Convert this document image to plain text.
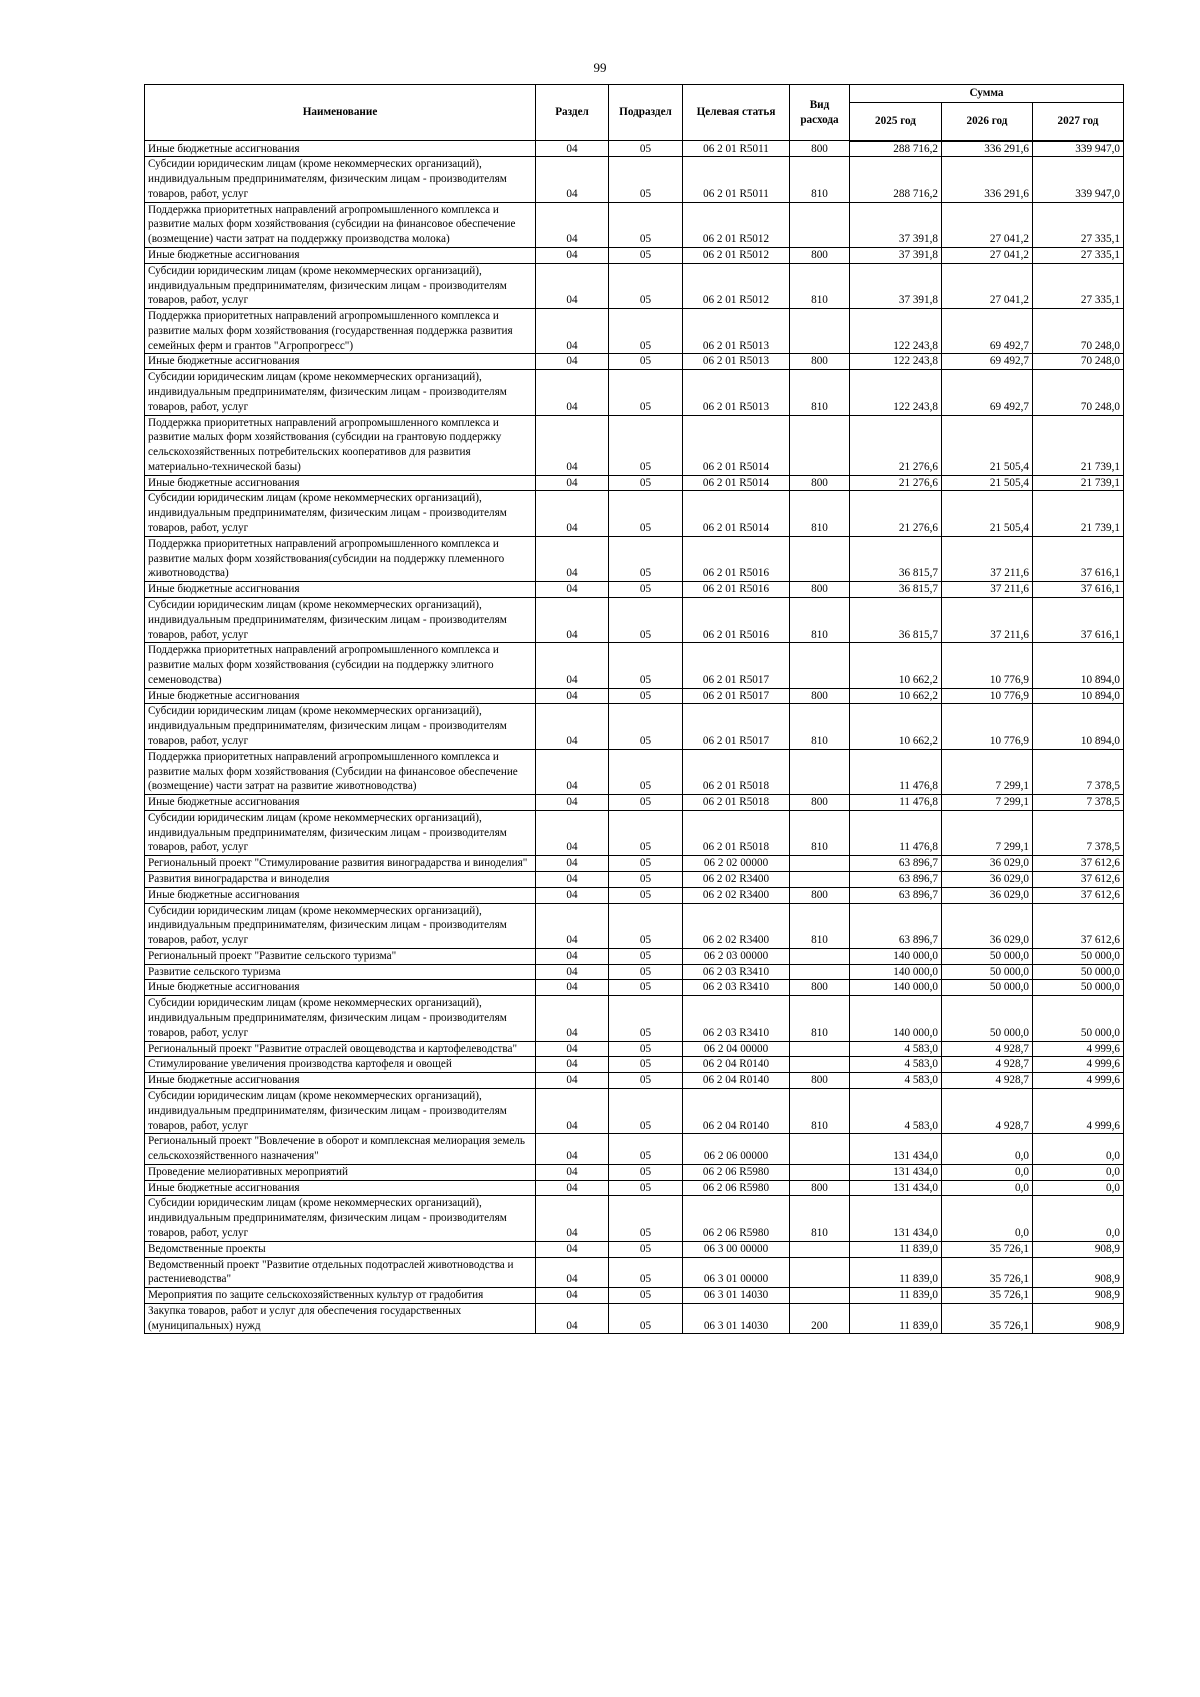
99
Наименование	Раздел	Подраздел	Целевая статья	Вид расхода	Сумма		
					2025 год	2026 год	2027 год
Иные бюджетные ассигнования	04	05	06 2 01 R5011	800	288 716,2	336 291,6	339 947,0
Субсидии юридическим лицам (кроме некоммерческих организаций), индивидуальным предпринимателям, физическим лицам - производителям товаров, работ, услуг	04	05	06 2 01 R5011	810	288 716,2	336 291,6	339 947,0
Поддержка приоритетных направлений агропромышленного комплекса и развитие малых форм хозяйствования (субсидии на финансовое обеспечение (возмещение) части затрат на поддержку производства молока)	04	05	06 2 01 R5012		37 391,8	27 041,2	27 335,1
Иные бюджетные ассигнования	04	05	06 2 01 R5012	800	37 391,8	27 041,2	27 335,1
Субсидии юридическим лицам (кроме некоммерческих организаций), индивидуальным предпринимателям, физическим лицам - производителям товаров, работ, услуг	04	05	06 2 01 R5012	810	37 391,8	27 041,2	27 335,1
Поддержка приоритетных направлений агропромышленного комплекса и развитие малых форм хозяйствования (государственная поддержка развития семейных ферм и грантов "Агропрогресс")	04	05	06 2 01 R5013		122 243,8	69 492,7	70 248,0
Иные бюджетные ассигнования	04	05	06 2 01 R5013	800	122 243,8	69 492,7	70 248,0
Субсидии юридическим лицам (кроме некоммерческих организаций), индивидуальным предпринимателям, физическим лицам - производителям товаров, работ, услуг	04	05	06 2 01 R5013	810	122 243,8	69 492,7	70 248,0
Поддержка приоритетных направлений агропромышленного комплекса и развитие малых форм хозяйствования (субсидии на грантовую поддержку сельскохозяйственных потребительских кооперативов для развития материально-технической базы)	04	05	06 2 01 R5014		21 276,6	21 505,4	21 739,1
Иные бюджетные ассигнования	04	05	06 2 01 R5014	800	21 276,6	21 505,4	21 739,1
Субсидии юридическим лицам (кроме некоммерческих организаций), индивидуальным предпринимателям, физическим лицам - производителям товаров, работ, услуг	04	05	06 2 01 R5014	810	21 276,6	21 505,4	21 739,1
Поддержка приоритетных направлений агропромышленного комплекса и развитие малых форм хозяйствования(субсидии на поддержку племенного животноводства)	04	05	06 2 01 R5016		36 815,7	37 211,6	37 616,1
Иные бюджетные ассигнования	04	05	06 2 01 R5016	800	36 815,7	37 211,6	37 616,1
Субсидии юридическим лицам (кроме некоммерческих организаций), индивидуальным предпринимателям, физическим лицам - производителям товаров, работ, услуг	04	05	06 2 01 R5016	810	36 815,7	37 211,6	37 616,1
Поддержка приоритетных направлений агропромышленного комплекса и развитие малых форм хозяйствования (субсидии на поддержку элитного семеноводства)	04	05	06 2 01 R5017		10 662,2	10 776,9	10 894,0
Иные бюджетные ассигнования	04	05	06 2 01 R5017	800	10 662,2	10 776,9	10 894,0
Субсидии юридическим лицам (кроме некоммерческих организаций), индивидуальным предпринимателям, физическим лицам - производителям товаров, работ, услуг	04	05	06 2 01 R5017	810	10 662,2	10 776,9	10 894,0
Поддержка приоритетных направлений агропромышленного комплекса и развитие малых форм хозяйствования (Субсидии на финансовое обеспечение (возмещение) части затрат на развитие животноводства)	04	05	06 2 01 R5018		11 476,8	7 299,1	7 378,5
Иные бюджетные ассигнования	04	05	06 2 01 R5018	800	11 476,8	7 299,1	7 378,5
Субсидии юридическим лицам (кроме некоммерческих организаций), индивидуальным предпринимателям, физическим лицам - производителям товаров, работ, услуг	04	05	06 2 01 R5018	810	11 476,8	7 299,1	7 378,5
Региональный проект "Стимулирование развития виноградарства и виноделия"	04	05	06 2 02 00000		63 896,7	36 029,0	37 612,6
Развития виноградарства и виноделия	04	05	06 2 02 R3400		63 896,7	36 029,0	37 612,6
Иные бюджетные ассигнования	04	05	06 2 02 R3400	800	63 896,7	36 029,0	37 612,6
Субсидии юридическим лицам (кроме некоммерческих организаций), индивидуальным предпринимателям, физическим лицам - производителям товаров, работ, услуг	04	05	06 2 02 R3400	810	63 896,7	36 029,0	37 612,6
Региональный проект "Развитие сельского туризма"	04	05	06 2 03 00000		140 000,0	50 000,0	50 000,0
Развитие сельского туризма	04	05	06 2 03 R3410		140 000,0	50 000,0	50 000,0
Иные бюджетные ассигнования	04	05	06 2 03 R3410	800	140 000,0	50 000,0	50 000,0
Субсидии юридическим лицам (кроме некоммерческих организаций), индивидуальным предпринимателям, физическим лицам - производителям товаров, работ, услуг	04	05	06 2 03 R3410	810	140 000,0	50 000,0	50 000,0
Региональный проект "Развитие отраслей овощеводства и картофелеводства"	04	05	06 2 04 00000		4 583,0	4 928,7	4 999,6
Стимулирование увеличения производства картофеля и овощей	04	05	06 2 04 R0140		4 583,0	4 928,7	4 999,6
Иные бюджетные ассигнования	04	05	06 2 04 R0140	800	4 583,0	4 928,7	4 999,6
Субсидии юридическим лицам (кроме некоммерческих организаций), индивидуальным предпринимателям, физическим лицам - производителям товаров, работ, услуг	04	05	06 2 04 R0140	810	4 583,0	4 928,7	4 999,6
Региональный проект "Вовлечение в оборот и комплексная мелиорация земель сельскохозяйственного назначения"	04	05	06 2 06 00000		131 434,0	0,0	0,0
Проведение мелиоративных мероприятий	04	05	06 2 06 R5980		131 434,0	0,0	0,0
Иные бюджетные ассигнования	04	05	06 2 06 R5980	800	131 434,0	0,0	0,0
Субсидии юридическим лицам (кроме некоммерческих организаций), индивидуальным предпринимателям, физическим лицам - производителям товаров, работ, услуг	04	05	06 2 06 R5980	810	131 434,0	0,0	0,0
Ведомственные проекты	04	05	06 3 00 00000		11 839,0	35 726,1	908,9
Ведомственный проект "Развитие отдельных подотраслей животноводства и растениеводства"	04	05	06 3 01 00000		11 839,0	35 726,1	908,9
Мероприятия по защите сельскохозяйственных культур от градобития	04	05	06 3 01 14030		11 839,0	35 726,1	908,9
Закупка товаров, работ и услуг для обеспечения государственных (муниципальных) нужд	04	05	06 3 01 14030	200	11 839,0	35 726,1	908,9
